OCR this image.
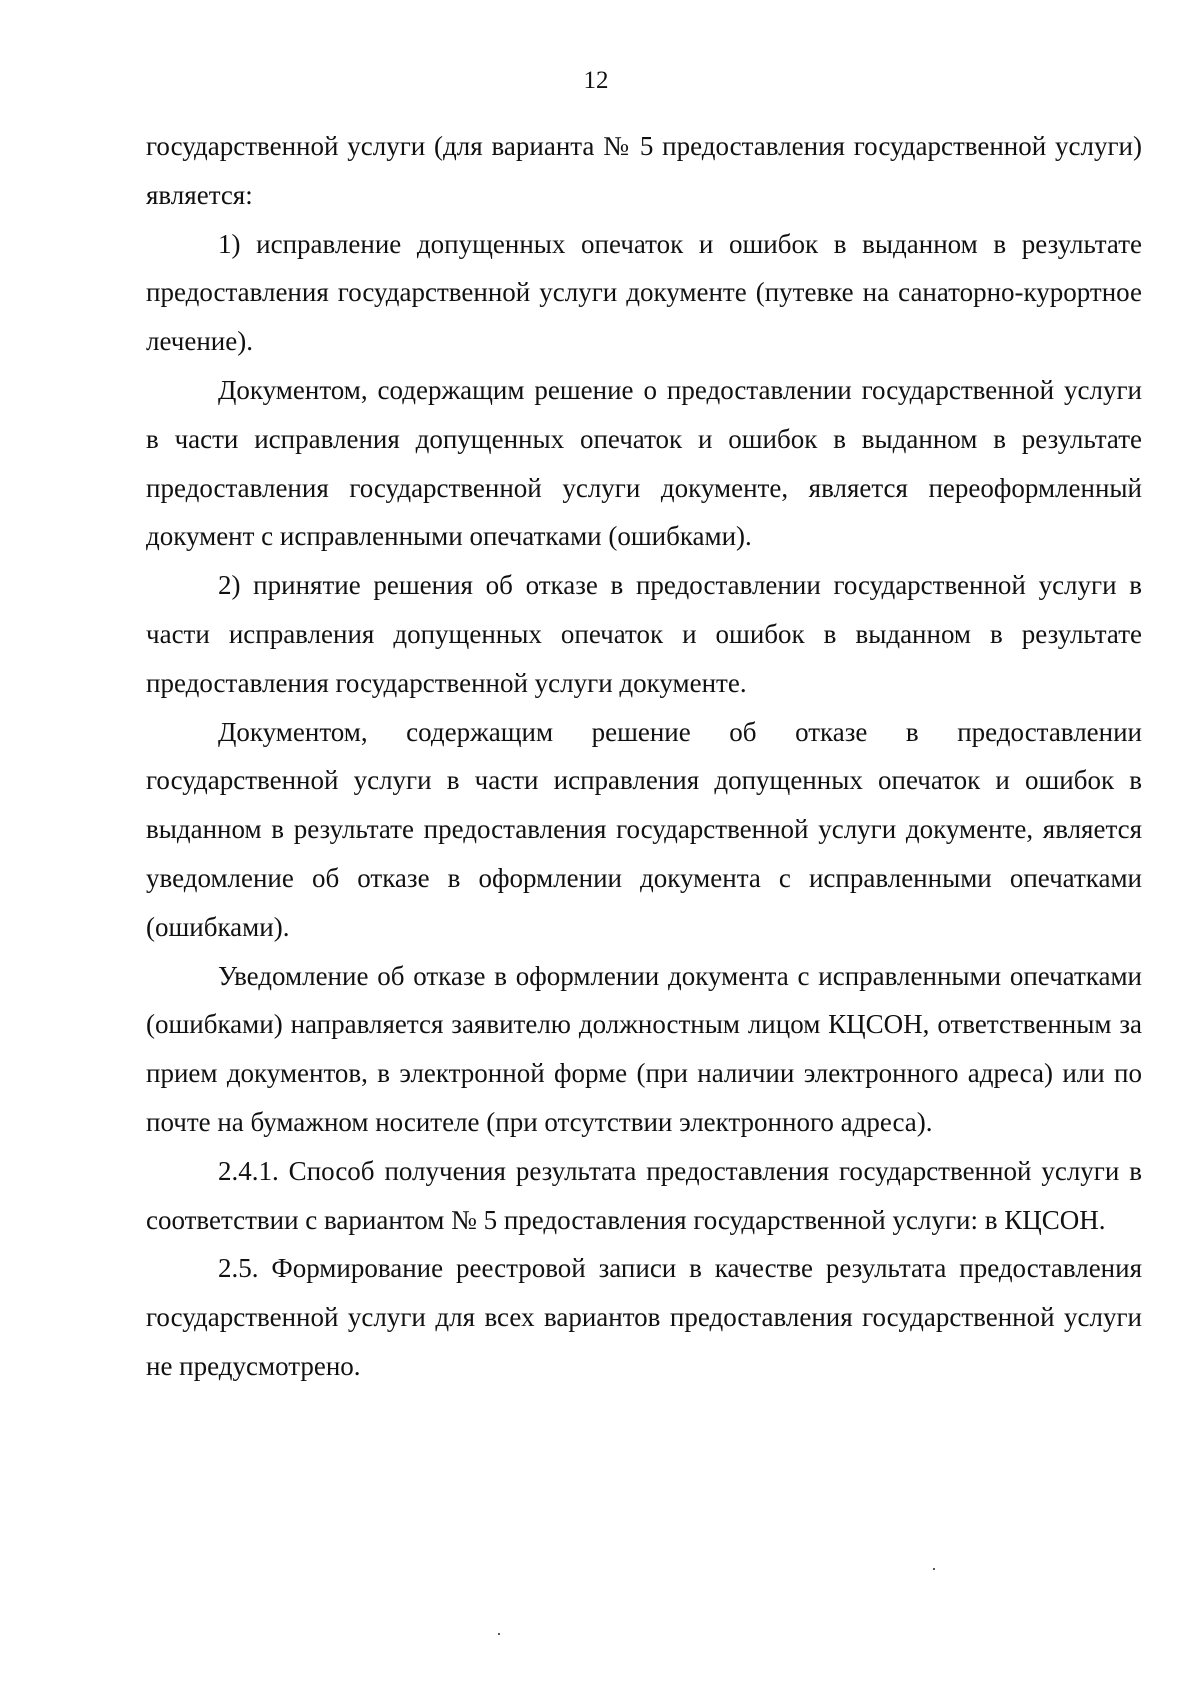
12

государственной услуги (для варианта № 5 предоставления государственной услуги) является:

1) исправление допущенных опечаток и ошибок в выданном в результате предоставления государственной услуги документе (путевке на санаторно-курортное лечение).

Документом, содержащим решение о предоставлении государственной услуги в части исправления допущенных опечаток и ошибок в выданном в результате предоставления государственной услуги документе, является переоформленный документ с исправленными опечатками (ошибками).

2) принятие решения об отказе в предоставлении государственной услуги в части исправления допущенных опечаток и ошибок в выданном в результате предоставления государственной услуги документе.

Документом, содержащим решение об отказе в предоставлении государственной услуги в части исправления допущенных опечаток и ошибок в выданном в результате предоставления государственной услуги документе, является уведомление об отказе в оформлении документа с исправленными опечатками (ошибками).

Уведомление об отказе в оформлении документа с исправленными опечатками (ошибками) направляется заявителю должностным лицом КЦСОН, ответственным за прием документов, в электронной форме (при наличии электронного адреса) или по почте на бумажном носителе (при отсутствии электронного адреса).

2.4.1. Способ получения результата предоставления государственной услуги в соответствии с вариантом № 5 предоставления государственной услуги: в КЦСОН.

2.5. Формирование реестровой записи в качестве результата предоставления государственной услуги для всех вариантов предоставления государственной услуги не предусмотрено.
